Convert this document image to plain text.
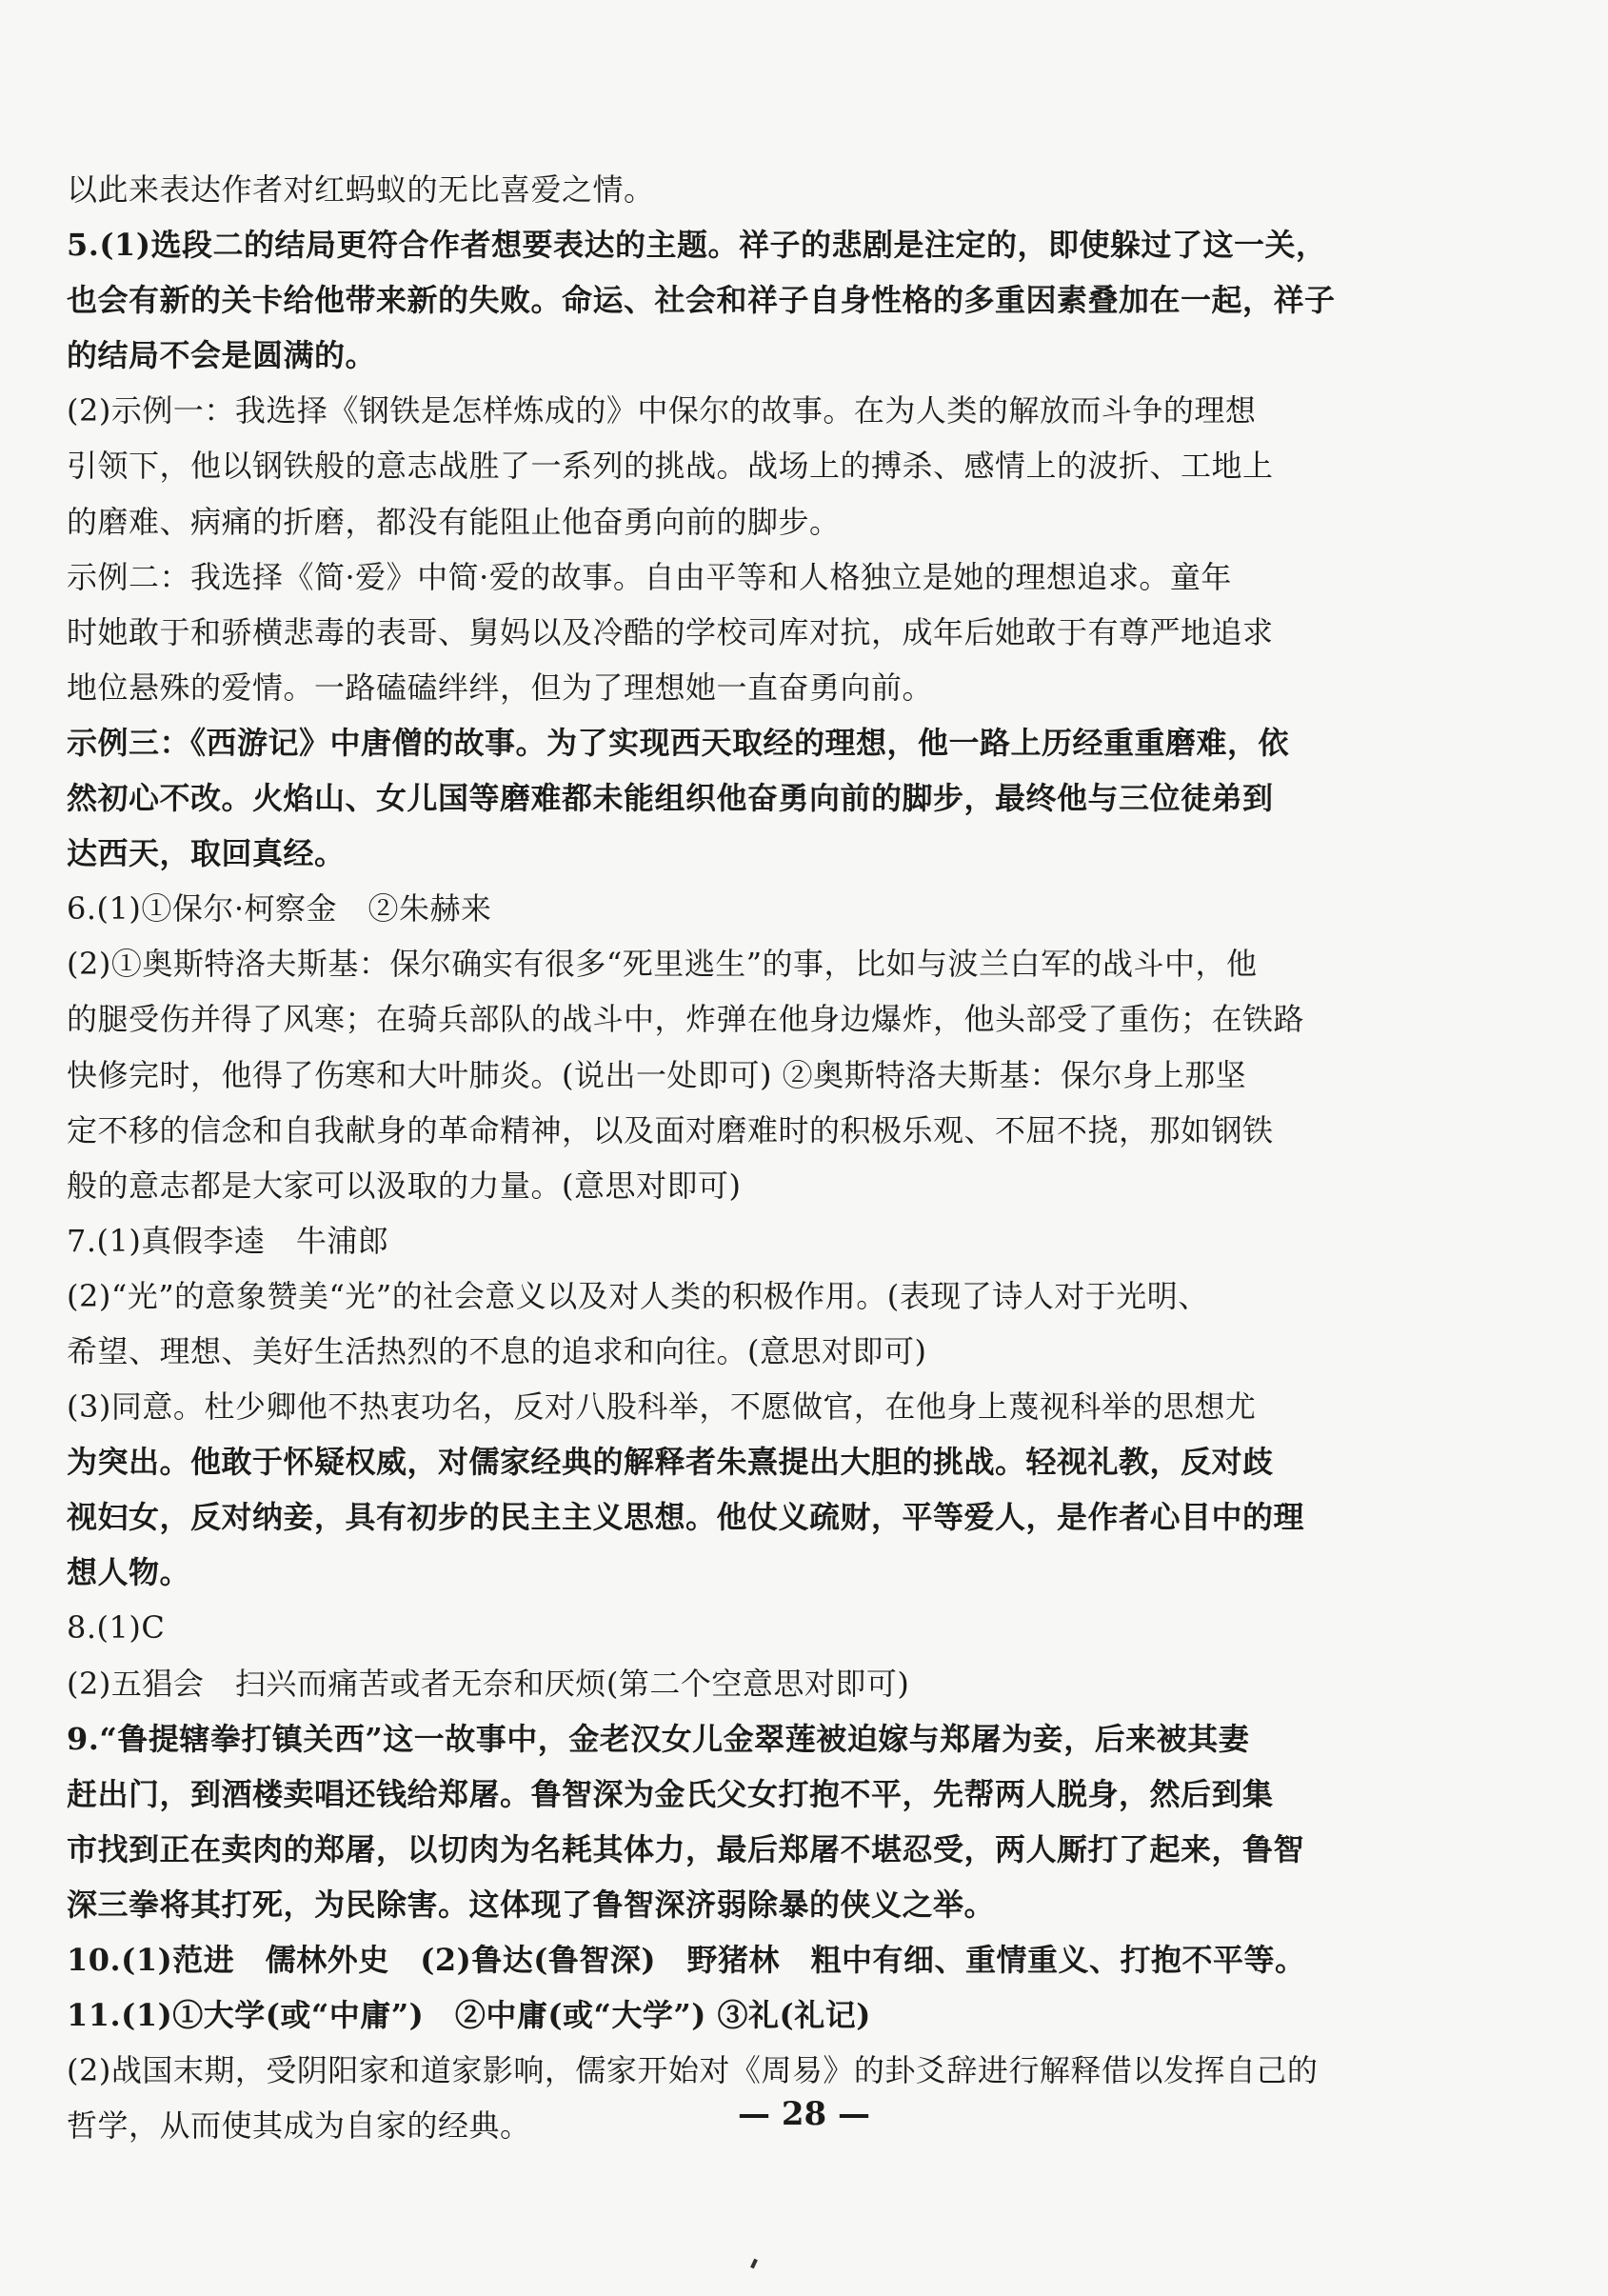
以此来表达作者对红蚂蚁的无比喜爱之情。
5.(1)选段二的结局更符合作者想要表达的主题。祥子的悲剧是注定的，即使躲过了这一关，
也会有新的关卡给他带来新的失败。命运、社会和祥子自身性格的多重因素叠加在一起，祥子
的结局不会是圆满的。
(2)示例一：我选择《钢铁是怎样炼成的》中保尔的故事。在为人类的解放而斗争的理想
引领下，他以钢铁般的意志战胜了一系列的挑战。战场上的搏杀、感情上的波折、工地上
的磨难、病痛的折磨，都没有能阻止他奋勇向前的脚步。
示例二：我选择《简·爱》中简·爱的故事。自由平等和人格独立是她的理想追求。童年
时她敢于和骄横悲毒的表哥、舅妈以及冷酷的学校司库对抗，成年后她敢于有尊严地追求
地位悬殊的爱情。一路磕磕绊绊，但为了理想她一直奋勇向前。
示例三：《西游记》中唐僧的故事。为了实现西天取经的理想，他一路上历经重重磨难，依
然初心不改。火焰山、女儿国等磨难都未能组织他奋勇向前的脚步，最终他与三位徒弟到
达西天，取回真经。
6.(1)①保尔·柯察金　②朱赫来
(2)①奥斯特洛夫斯基：保尔确实有很多“死里逃生”的事，比如与波兰白军的战斗中，他
的腿受伤并得了风寒；在骑兵部队的战斗中，炸弹在他身边爆炸，他头部受了重伤；在铁路
快修完时，他得了伤寒和大叶肺炎。(说出一处即可) ②奥斯特洛夫斯基：保尔身上那坚
定不移的信念和自我献身的革命精神，以及面对磨难时的积极乐观、不屈不挠，那如钢铁
般的意志都是大家可以汲取的力量。(意思对即可)
7.(1)真假李逵　牛浦郎
(2)“光”的意象赞美“光”的社会意义以及对人类的积极作用。(表现了诗人对于光明、
希望、理想、美好生活热烈的不息的追求和向往。(意思对即可)
(3)同意。杜少卿他不热衷功名，反对八股科举，不愿做官，在他身上蔑视科举的思想尤
为突出。他敢于怀疑权威，对儒家经典的解释者朱熹提出大胆的挑战。轻视礼教，反对歧
视妇女，反对纳妾，具有初步的民主主义思想。他仗义疏财，平等爱人，是作者心目中的理
想人物。
8.(1)C
(2)五猖会　扫兴而痛苦或者无奈和厌烦(第二个空意思对即可)
9.“鲁提辖拳打镇关西”这一故事中，金老汉女儿金翠莲被迫嫁与郑屠为妾，后来被其妻
赶出门，到酒楼卖唱还钱给郑屠。鲁智深为金氏父女打抱不平，先帮两人脱身，然后到集
市找到正在卖肉的郑屠，以切肉为名耗其体力，最后郑屠不堪忍受，两人厮打了起来，鲁智
深三拳将其打死，为民除害。这体现了鲁智深济弱除暴的侠义之举。
10.(1)范进　儒林外史　(2)鲁达(鲁智深)　野猪林　粗中有细、重情重义、打抱不平等。
11.(1)①大学(或“中庸”)　②中庸(或“大学”) ③礼(礼记)
(2)战国末期，受阴阳家和道家影响，儒家开始对《周易》的卦爻辞进行解释借以发挥自己的
哲学，从而使其成为自家的经典。	— 28 —
